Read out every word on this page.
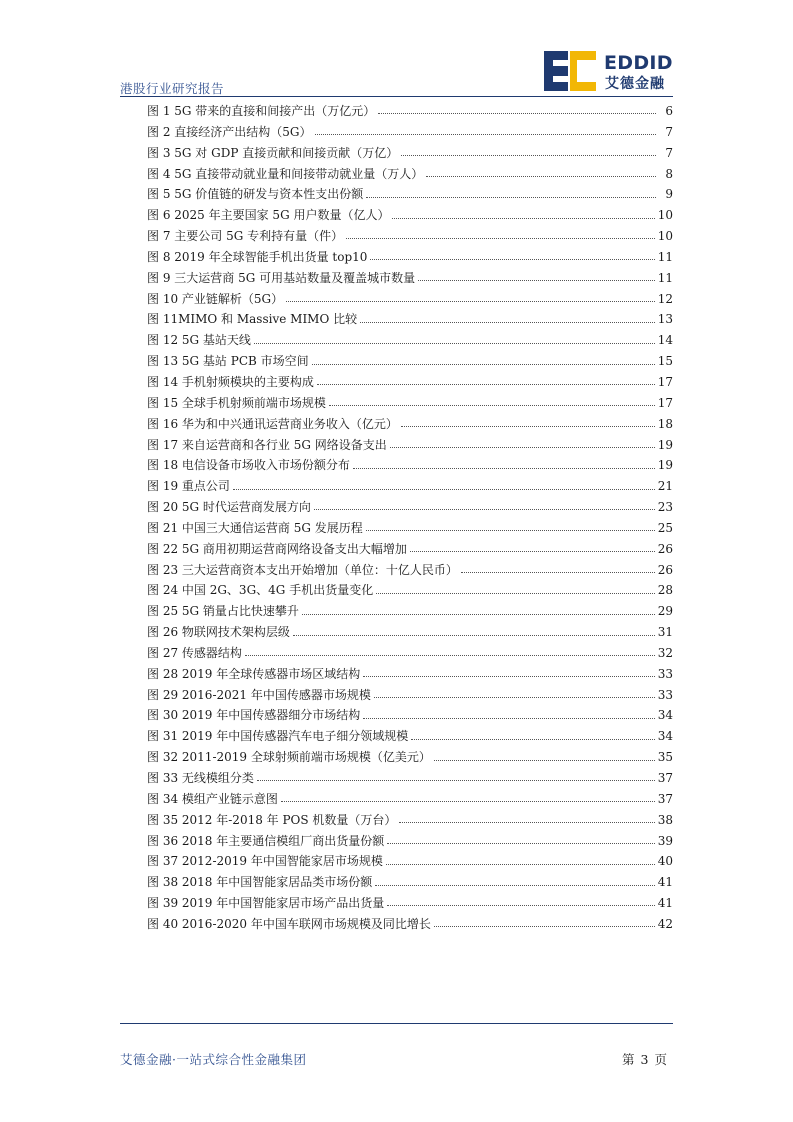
港股行业研究报告
EDDID
艾德金融
图 1 5G 带来的直接和间接产出（万亿元）	6
图 2 直接经济产出结构（5G）	7
图 3 5G 对 GDP 直接贡献和间接贡献（万亿）	7
图 4 5G 直接带动就业量和间接带动就业量（万人）	8
图 5 5G 价值链的研发与资本性支出份额	9
图 6 2025 年主要国家 5G 用户数量（亿人）	10
图 7 主要公司 5G 专利持有量（件）	10
图 8 2019 年全球智能手机出货量 top10	11
图 9 三大运营商 5G 可用基站数量及覆盖城市数量	11
图 10 产业链解析（5G）	12
图 11MIMO 和 Massive MIMO 比较	13
图 12 5G 基站天线	14
图 13 5G 基站 PCB 市场空间	15
图 14 手机射频模块的主要构成	17
图 15 全球手机射频前端市场规模	17
图 16 华为和中兴通讯运营商业务收入（亿元）	18
图 17 来自运营商和各行业 5G 网络设备支出	19
图 18 电信设备市场收入市场份额分布	19
图 19 重点公司	21
图 20 5G 时代运营商发展方向	23
图 21 中国三大通信运营商 5G 发展历程	25
图 22 5G 商用初期运营商网络设备支出大幅增加	26
图 23 三大运营商资本支出开始增加（单位：十亿人民币）	26
图 24 中国 2G、3G、4G 手机出货量变化	28
图 25 5G 销量占比快速攀升	29
图 26 物联网技术架构层级	31
图 27 传感器结构	32
图 28 2019 年全球传感器市场区域结构	33
图 29 2016-2021 年中国传感器市场规模	33
图 30 2019 年中国传感器细分市场结构	34
图 31 2019 年中国传感器汽车电子细分领域规模	34
图 32 2011-2019 全球射频前端市场规模（亿美元）	35
图 33 无线模组分类	37
图 34 模组产业链示意图	37
图 35 2012 年-2018 年 POS 机数量（万台）	38
图 36 2018 年主要通信模组厂商出货量份额	39
图 37 2012-2019 年中国智能家居市场规模	40
图 38 2018 年中国智能家居品类市场份额	41
图 39 2019 年中国智能家居市场产品出货量	41
图 40 2016-2020 年中国车联网市场规模及同比增长	42
艾德金融·一站式综合性金融集团	第 3 页
